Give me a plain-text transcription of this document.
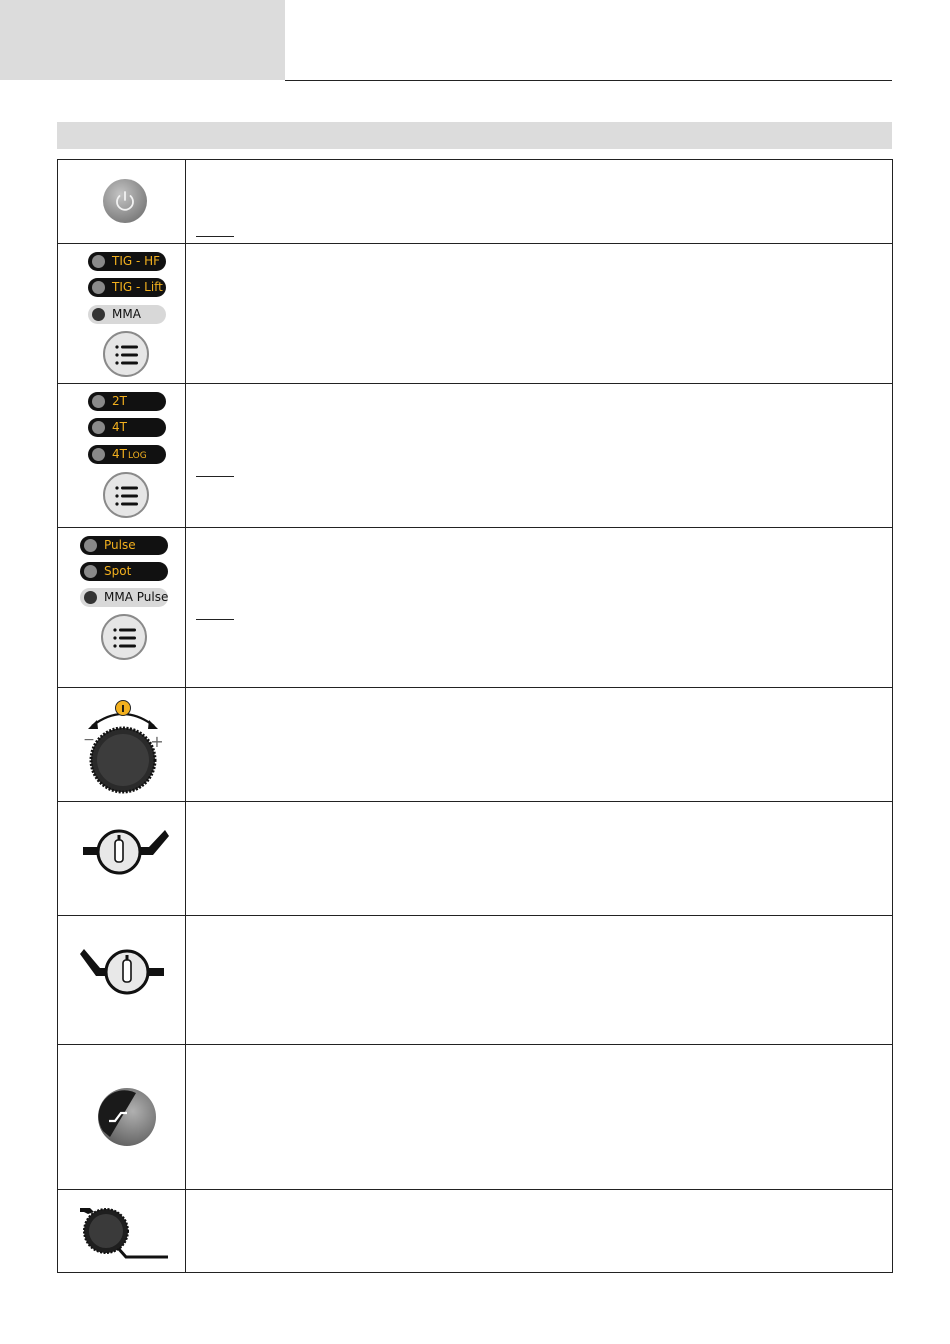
TIG - HF
TIG - Lift
MMA	

2T
4T
4TLOG	

Pulse
Spot
MMA Pulse	

I
− +	
